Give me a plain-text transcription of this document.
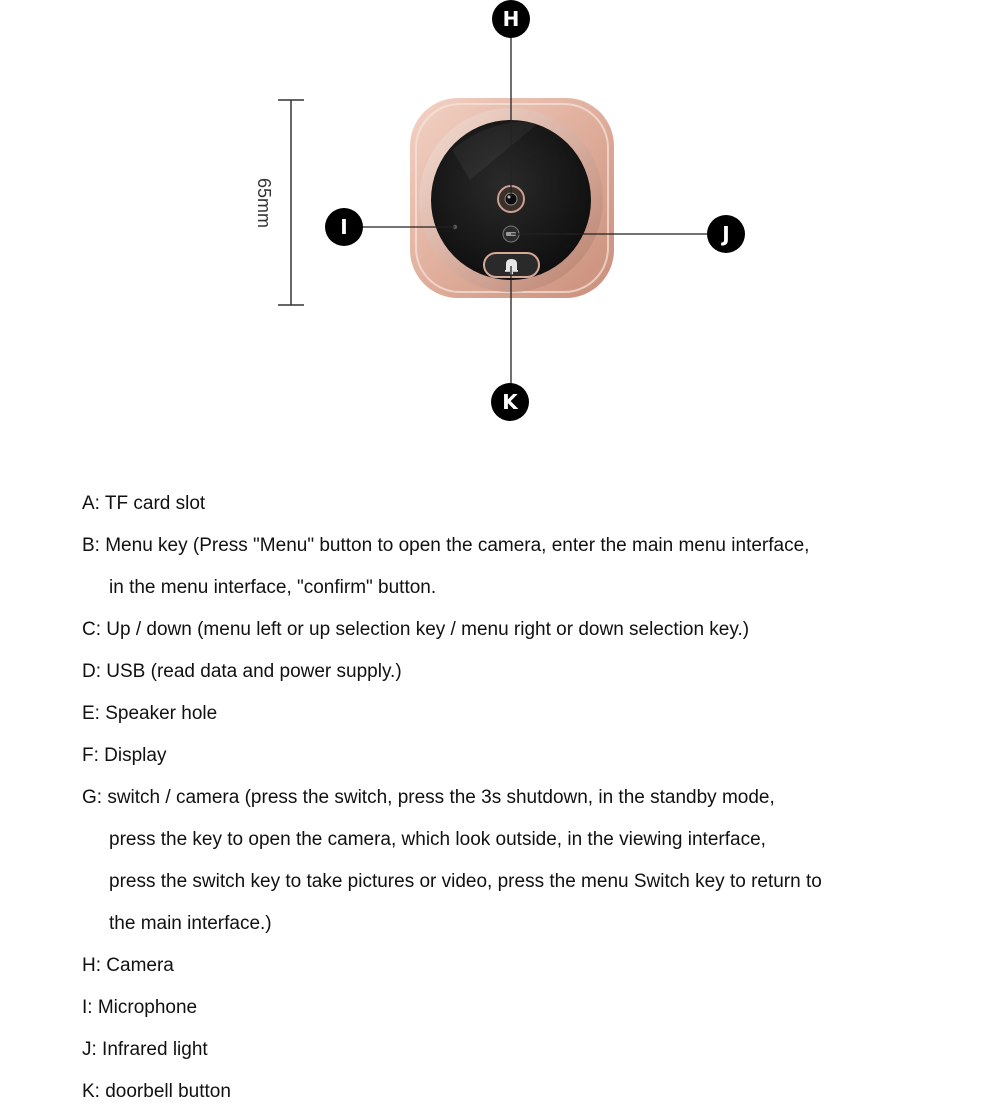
65mm
H
I	J
K
A: TF card slot
B: Menu key (Press "Menu" button to open the camera, enter the main menu interface,
in the menu interface, "confirm" button.
C: Up / down (menu left or up selection key / menu right or down selection key.)
D: USB (read data and power supply.)
E: Speaker hole
F: Display
G: switch / camera (press the switch, press the 3s shutdown, in the standby mode,
press the key to open the camera, which look outside, in the viewing interface,
press the switch key to take pictures or video, press the menu Switch key to return to
the main interface.)
H: Camera
I: Microphone
J: Infrared light
K: doorbell button
